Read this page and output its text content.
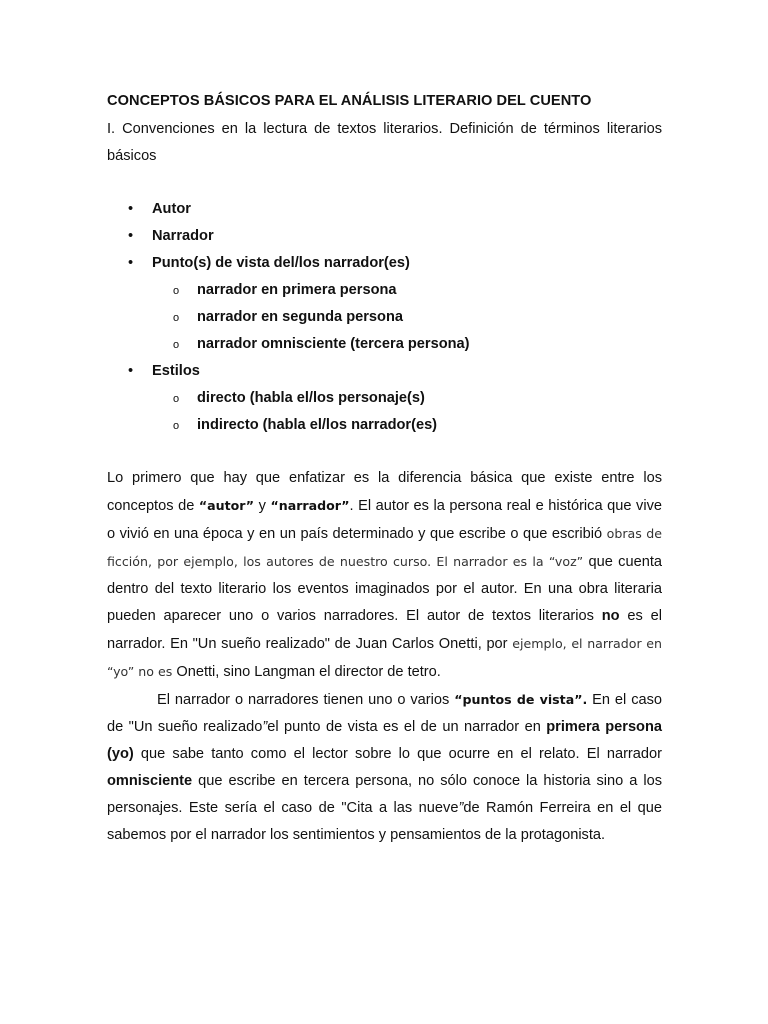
CONCEPTOS BÁSICOS PARA EL ANÁLISIS LITERARIO DEL CUENTO

I. Convenciones en la lectura de textos literarios. Definición de términos literarios básicos

• Autor
• Narrador
• Punto(s) de vista del/los narrador(es)
o narrador en primera persona
o narrador en segunda persona
o narrador omnisciente (tercera persona)
• Estilos
o directo (habla el/los personaje(s)
o indirecto (habla el/los narrador(es)

Lo primero que hay que enfatizar es la diferencia básica que existe entre los conceptos de “autor” y “narrador”. El autor es la persona real e histórica que vive o vivió en una época y en un país determinado y que escribe o que escribió obras de ficción, por ejemplo, los autores de nuestro curso. El narrador es la “voz” que cuenta dentro del texto literario los eventos imaginados por el autor. En una obra literaria pueden aparecer uno o varios narradores. El autor de textos literarios no es el narrador. En "Un sueño realizado" de Juan Carlos Onetti, por ejemplo, el narrador en “yo” no es Onetti, sino Langman el director de tetro.

El narrador o narradores tienen uno o varios “puntos de vista”. En el caso de "Un sueño realizado”el punto de vista es el de un narrador en primera persona (yo) que sabe tanto como el lector sobre lo que ocurre en el relato. El narrador omnisciente que escribe en tercera persona, no sólo conoce la historia sino a los personajes. Este sería el caso de "Cita a las nueve”de Ramón Ferreira en el que sabemos por el narrador los sentimientos y pensamientos de la protagonista.
